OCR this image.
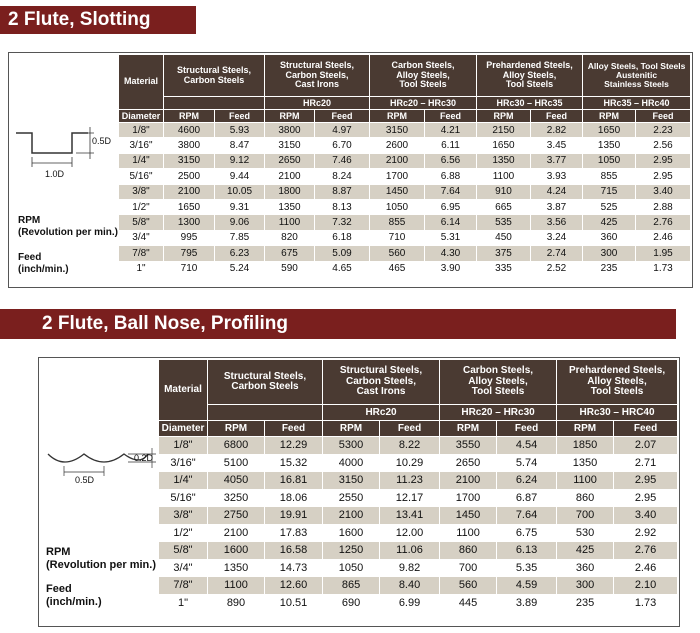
2 Flute, Slotting
RPM
(Revolution per min.)
Feed
(inch/min.)
0.5D
1.0D
Material	Structural Steels,
Carbon Steels		Structural Steels,
Carbon Steels,
Cast Irons		Carbon Steels,
Alloy Steels,
Tool Steels		Prehardened Steels,
Alloy Steels,
Tool Steels		Alloy Steels, Tool Steels
Austenitic
Stainless Steels	
			HRc20		HRc20 – HRc30		HRc30 – HRc35		HRc35 – HRc40	
Diameter	RPM	Feed	RPM	Feed	RPM	Feed	RPM	Feed	RPM	Feed
1/8"	4600	5.93	3800	4.97	3150	4.21	2150	2.82	1650	2.23
3/16"	3800	8.47	3150	6.70	2600	6.11	1650	3.45	1350	2.56
1/4"	3150	9.12	2650	7.46	2100	6.56	1350	3.77	1050	2.95
5/16"	2500	9.44	2100	8.24	1700	6.88	1100	3.93	855	2.95
3/8"	2100	10.05	1800	8.87	1450	7.64	910	4.24	715	3.40
1/2"	1650	9.31	1350	8.13	1050	6.95	665	3.87	525	2.88
5/8"	1300	9.06	1100	7.32	855	6.14	535	3.56	425	2.76
3/4"	995	7.85	820	6.18	710	5.31	450	3.24	360	2.46
7/8"	795	6.23	675	5.09	560	4.30	375	2.74	300	1.95
1"	710	5.24	590	4.65	465	3.90	335	2.52	235	1.73
2 Flute, Ball Nose, Profiling
RPM
(Revolution per min.)
Feed
(inch/min.)
0.2D
0.5D
Material	Structural Steels,
Carbon Steels		Structural Steels,
Carbon Steels,
Cast Irons		Carbon Steels,
Alloy Steels,
Tool Steels		Prehardened Steels,
Alloy Steels,
Tool Steels	
			HRc20		HRc20 – HRc30		HRc30 – HRC40	
Diameter	RPM	Feed	RPM	Feed	RPM	Feed	RPM	Feed
1/8"	6800	12.29	5300	8.22	3550	4.54	1850	2.07
3/16"	5100	15.32	4000	10.29	2650	5.74	1350	2.71
1/4"	4050	16.81	3150	11.23	2100	6.24	1100	2.95
5/16"	3250	18.06	2550	12.17	1700	6.87	860	2.95
3/8"	2750	19.91	2100	13.41	1450	7.64	700	3.40
1/2"	2100	17.83	1600	12.00	1100	6.75	530	2.92
5/8"	1600	16.58	1250	11.06	860	6.13	425	2.76
3/4"	1350	14.73	1050	9.82	700	5.35	360	2.46
7/8"	1100	12.60	865	8.40	560	4.59	300	2.10
1"	890	10.51	690	6.99	445	3.89	235	1.73
